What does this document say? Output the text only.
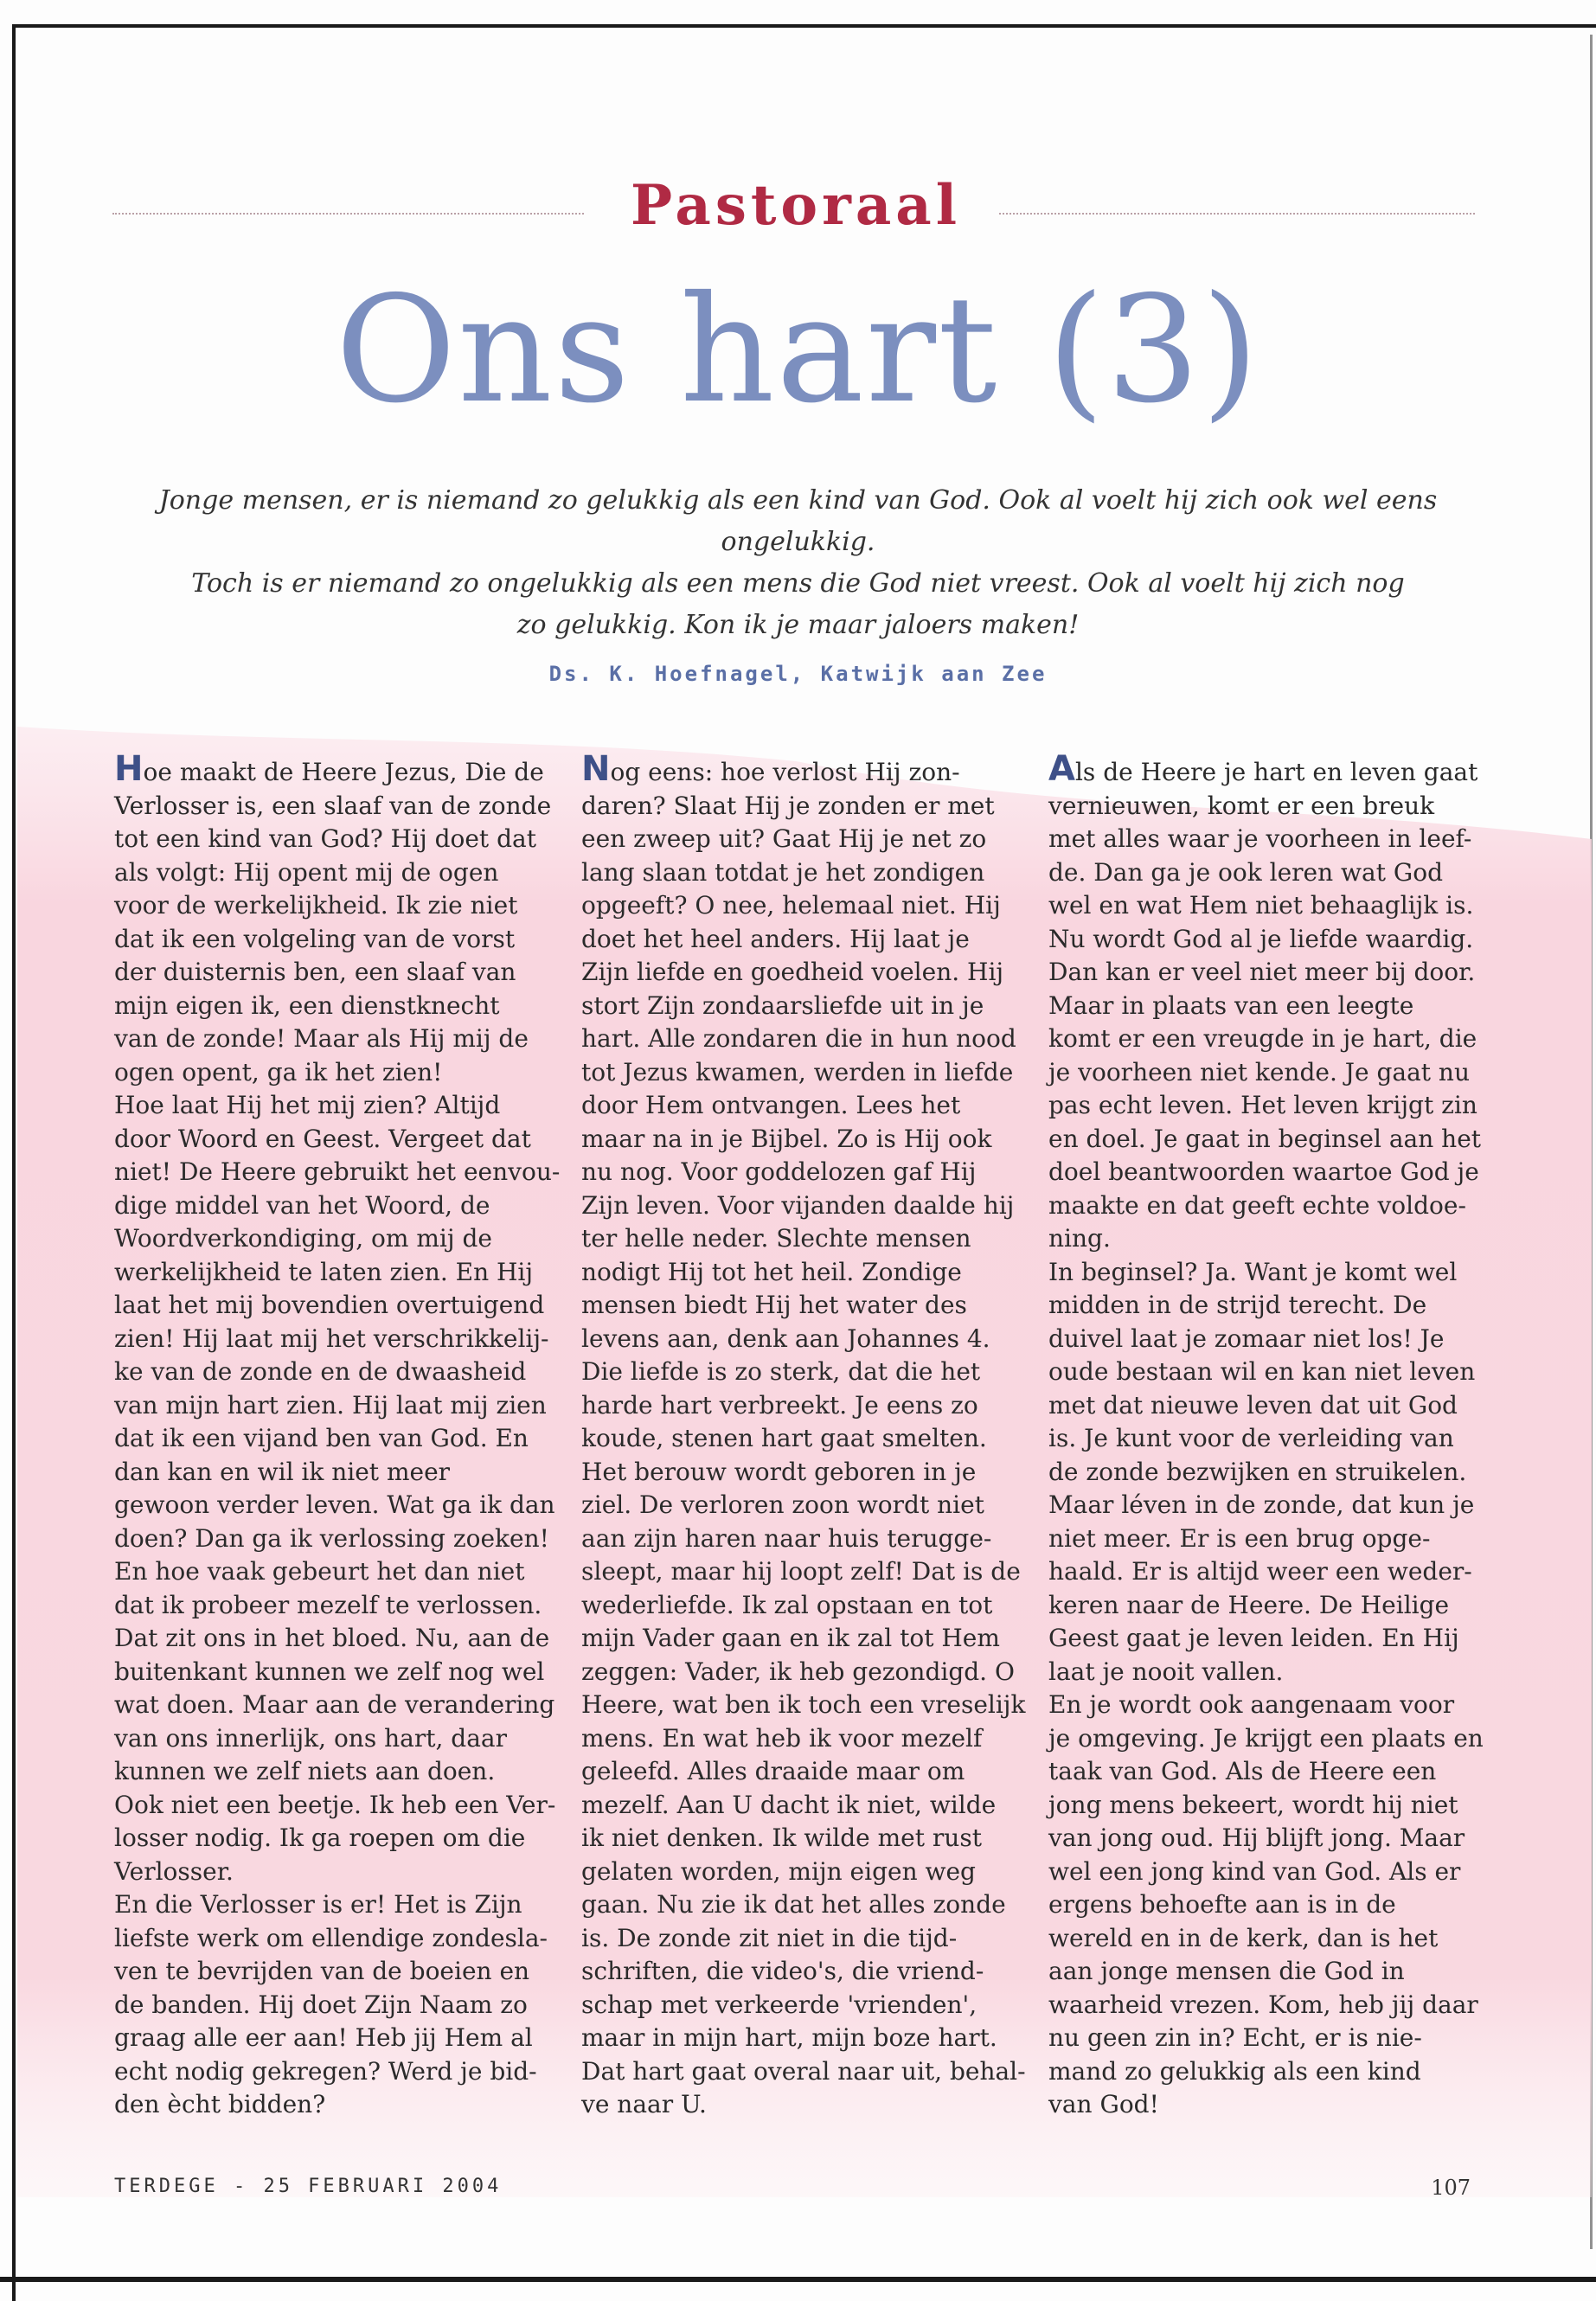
Pastoraal
Ons hart (3)
Jonge mensen, er is niemand zo gelukkig als een kind van God. Ook al voelt hij zich ook wel eens ongelukkig.
Toch is er niemand zo ongelukkig als een mens die God niet vreest. Ook al voelt hij zich nog
zo gelukkig. Kon ik je maar jaloers maken!
Ds. K. Hoefnagel, Katwijk aan Zee
Hoe maakt de Heere Jezus, Die de
Verlosser is, een slaaf van de zonde
tot een kind van God? Hij doet dat
als volgt: Hij opent mij de ogen
voor de werkelijkheid. Ik zie niet
dat ik een volgeling van de vorst
der duisternis ben, een slaaf van
mijn eigen ik, een dienstknecht
van de zonde! Maar als Hij mij de
ogen opent, ga ik het zien!
Hoe laat Hij het mij zien? Altijd
door Woord en Geest. Vergeet dat
niet! De Heere gebruikt het eenvou-
dige middel van het Woord, de
Woordverkondiging, om mij de
werkelijkheid te laten zien. En Hij
laat het mij bovendien overtuigend
zien! Hij laat mij het verschrikkelij-
ke van de zonde en de dwaasheid
van mijn hart zien. Hij laat mij zien
dat ik een vijand ben van God. En
dan kan en wil ik niet meer
gewoon verder leven. Wat ga ik dan
doen? Dan ga ik verlossing zoeken!
En hoe vaak gebeurt het dan niet
dat ik probeer mezelf te verlossen.
Dat zit ons in het bloed. Nu, aan de
buitenkant kunnen we zelf nog wel
wat doen. Maar aan de verandering
van ons innerlijk, ons hart, daar
kunnen we zelf niets aan doen.
Ook niet een beetje. Ik heb een Ver-
losser nodig. Ik ga roepen om die
Verlosser.
En die Verlosser is er! Het is Zijn
liefste werk om ellendige zondesla-
ven te bevrijden van de boeien en
de banden. Hij doet Zijn Naam zo
graag alle eer aan! Heb jij Hem al
echt nodig gekregen? Werd je bid-
den ècht bidden?
Nog eens: hoe verlost Hij zon-
daren? Slaat Hij je zonden er met
een zweep uit? Gaat Hij je net zo
lang slaan totdat je het zondigen
opgeeft? O nee, helemaal niet. Hij
doet het heel anders. Hij laat je
Zijn liefde en goedheid voelen. Hij
stort Zijn zondaarsliefde uit in je
hart. Alle zondaren die in hun nood
tot Jezus kwamen, werden in liefde
door Hem ontvangen. Lees het
maar na in je Bijbel. Zo is Hij ook
nu nog. Voor goddelozen gaf Hij
Zijn leven. Voor vijanden daalde hij
ter helle neder. Slechte mensen
nodigt Hij tot het heil. Zondige
mensen biedt Hij het water des
levens aan, denk aan Johannes 4.
Die liefde is zo sterk, dat die het
harde hart verbreekt. Je eens zo
koude, stenen hart gaat smelten.
Het berouw wordt geboren in je
ziel. De verloren zoon wordt niet
aan zijn haren naar huis terugge-
sleept, maar hij loopt zelf! Dat is de
wederliefde. Ik zal opstaan en tot
mijn Vader gaan en ik zal tot Hem
zeggen: Vader, ik heb gezondigd. O
Heere, wat ben ik toch een vreselijk
mens. En wat heb ik voor mezelf
geleefd. Alles draaide maar om
mezelf. Aan U dacht ik niet, wilde
ik niet denken. Ik wilde met rust
gelaten worden, mijn eigen weg
gaan. Nu zie ik dat het alles zonde
is. De zonde zit niet in die tijd-
schriften, die video's, die vriend-
schap met verkeerde 'vrienden',
maar in mijn hart, mijn boze hart.
Dat hart gaat overal naar uit, behal-
ve naar U.
Als de Heere je hart en leven gaat
vernieuwen, komt er een breuk
met alles waar je voorheen in leef-
de. Dan ga je ook leren wat God
wel en wat Hem niet behaaglijk is.
Nu wordt God al je liefde waardig.
Dan kan er veel niet meer bij door.
Maar in plaats van een leegte
komt er een vreugde in je hart, die
je voorheen niet kende. Je gaat nu
pas echt leven. Het leven krijgt zin
en doel. Je gaat in beginsel aan het
doel beantwoorden waartoe God je
maakte en dat geeft echte voldoe-
ning.
In beginsel? Ja. Want je komt wel
midden in de strijd terecht. De
duivel laat je zomaar niet los! Je
oude bestaan wil en kan niet leven
met dat nieuwe leven dat uit God
is. Je kunt voor de verleiding van
de zonde bezwijken en struikelen.
Maar léven in de zonde, dat kun je
niet meer. Er is een brug opge-
haald. Er is altijd weer een weder-
keren naar de Heere. De Heilige
Geest gaat je leven leiden. En Hij
laat je nooit vallen.
En je wordt ook aangenaam voor
je omgeving. Je krijgt een plaats en
taak van God. Als de Heere een
jong mens bekeert, wordt hij niet
van jong oud. Hij blijft jong. Maar
wel een jong kind van God. Als er
ergens behoefte aan is in de
wereld en in de kerk, dan is het
aan jonge mensen die God in
waarheid vrezen. Kom, heb jij daar
nu geen zin in? Echt, er is nie-
mand zo gelukkig als een kind
van God!
TERDEGE - 25 FEBRUARI 2004	107
